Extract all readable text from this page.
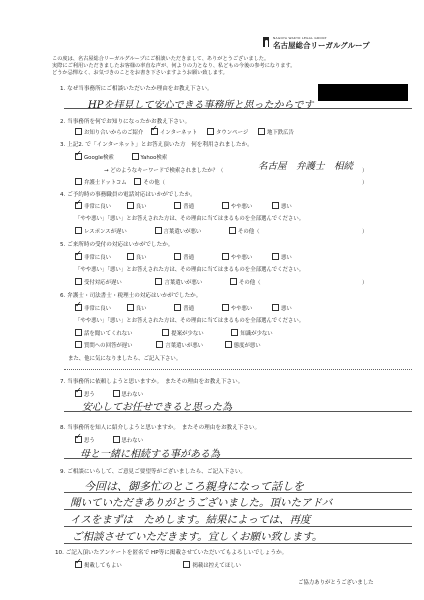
NAGOYA WAKYO LEGAL GROUP
名古屋総合リーガルグループ
この度は、名古屋総合リーガルグループにご相談いただきまして、ありがとうございました。
実際にご利用いただきましたお客様の率直な声が、何よりの力となり、私どもの今後の参考になります。
どうか忌憚なく、お気づきのことをお書き下さいますようお願い致します。
1. なぜ当事務所にご相談いただいたか理由をお教え下さい。
HPを拝見して安心できる事務所と思ったからです
2. 当事務所を何でお知りになったかお教え下さい。
お知り合いからのご紹介 ✓	インターネット	タウンページ	地下鉄広告
3. 上記2. で「インターネット」とお答え頂いた方　何を利用されましたか。
✓Google検索	Yahoo検索
→ どのようなキーワードで検索されましたか？（	名古屋　弁護士　相続 ）
弁護士ドットコム	その他（	）
4. ご予約時の事務職員の電話対応はいかがでしたか。
✓非常に良い	良い	普通	やや悪い	悪い
「やや悪い」「悪い」とお答えされた方は、その理由に当てはまるものを全部選んでください。
レスポンスが遅い	言葉遣いが悪い	その他（	）
5. ご来所時の受付の対応はいかがでしたか。
✓非常に良い	良い	普通	やや悪い	悪い
「やや悪い」「悪い」とお答えされた方は、その理由に当てはまるものを全部選んでください。
受付対応が遅い	言葉遣いが悪い	その他（	）
6. 弁護士・司法書士・税理士の対応はいかがでしたか。
✓非常に良い	良い	普通	やや悪い	悪い
「やや悪い」「悪い」とお答えされた方は、その理由に当てはまるものを全部選んでください。
話を聞いてくれない	提案が少ない	知識が少ない
質問への回答が遅い	言葉遣いが悪い	態度が悪い
また、他に気になりましたら、ご記入下さい。
7. 当事務所に依頼しようと思いますか。　またその理由をお教え下さい。
✓思う	思わない
安心してお任せできると思った為
8. 当事務所を知人に紹介しようと思いますか。　またその理由をお教え下さい。
✓思う	思わない
母と一緒に相続する事がある為
9. ご相談にいらして、ご意見ご要望等がございましたら、ご記入下さい。
今回は、御多忙のところ親身になって話しを
聞いていただきありがとうございました。頂いたアドバ
イスをまずは　ためします。結果によっては、再度
ご相談させていただきます。宜しくお願い致します。
10. ご記入頂いたアンケートを匿名で HP等に掲載させていただいてもよろしいでしょうか。
✓掲載してもよい	掲載は控えてほしい
ご協力ありがとうございました
